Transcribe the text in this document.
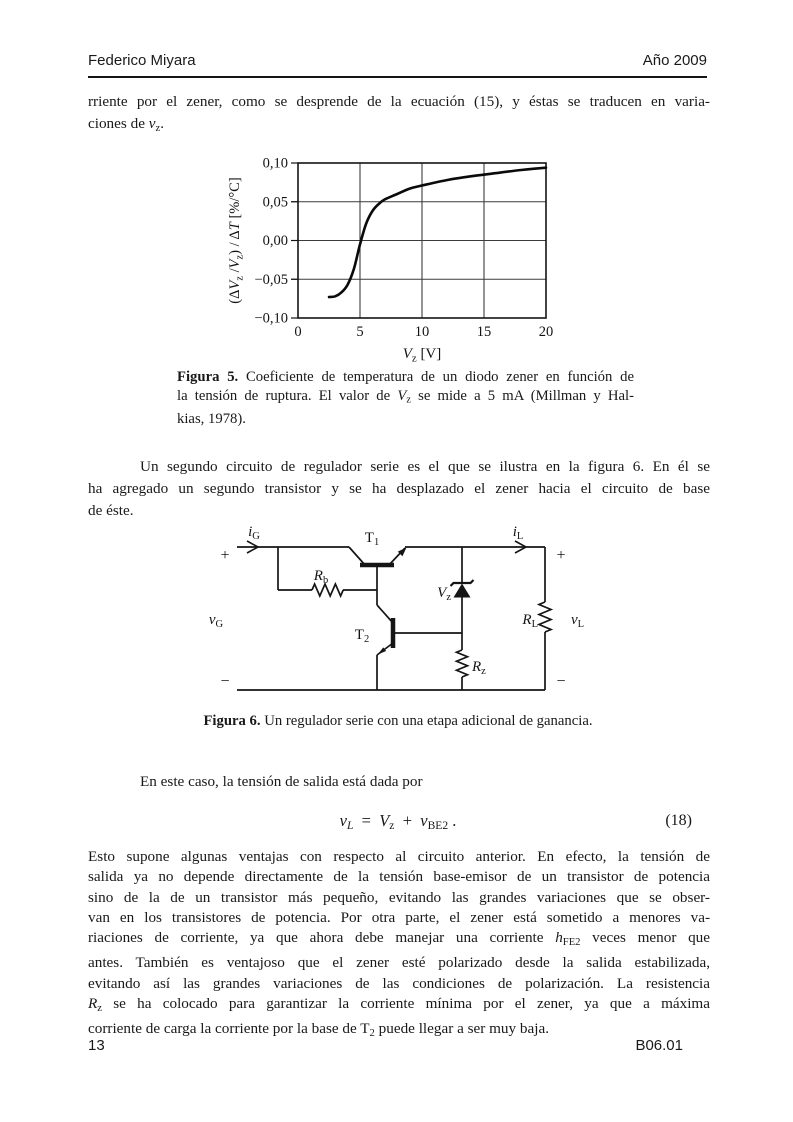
Federico Miyara	Año 2009
rriente por el zener, como se desprende de la ecuación (15), y éstas se traducen en varia-
ciones de vz.
0,10
0,05
0,00
−0,05
−0,10
0	5	10	15	20
$V_z$ [V]
($\Delta V_z$ $/V_z$) / ΔT [%/°C]
Figura 5. Coeficiente de temperatura de un diodo zener en función de
la tensión de ruptura. El valor de Vz se mide a 5 mA (Millman y Hal-
kias, 1978).
Un segundo circuito de regulador serie es el que se ilustra en la figura 6. En él se
ha agregado un segundo transistor y se ha desplazado el zener hacia el circuito de base
de éste.
$i_G$	$i_L$
$T_1$
$T_2$
$R_b$
$R_z$
$R_L$
$V_z$
$v_G$	$v_L$
+
−
+
−
Figura 6. Un regulador serie con una etapa adicional de ganancia.
En este caso, la tensión de salida está dada por
vL  =  Vz  +  vBE2 .	(18)
Esto supone algunas ventajas con respecto al circuito anterior. En efecto, la tensión de
salida ya no depende directamente de la tensión base-emisor de un transistor de potencia
sino de la de un transistor más pequeño, evitando las grandes variaciones que se obser-
van en los transistores de potencia. Por otra parte, el zener está sometido a menores va-
riaciones de corriente, ya que ahora debe manejar una corriente hFE2 veces menor que
antes. También es ventajoso que el zener esté polarizado desde la salida estabilizada,
evitando así las grandes variaciones de las condiciones de polarización. La resistencia
Rz se ha colocado para garantizar la corriente mínima por el zener, ya que a máxima
corriente de carga la corriente por la base de T2 puede llegar a ser muy baja.
13	B06.01
